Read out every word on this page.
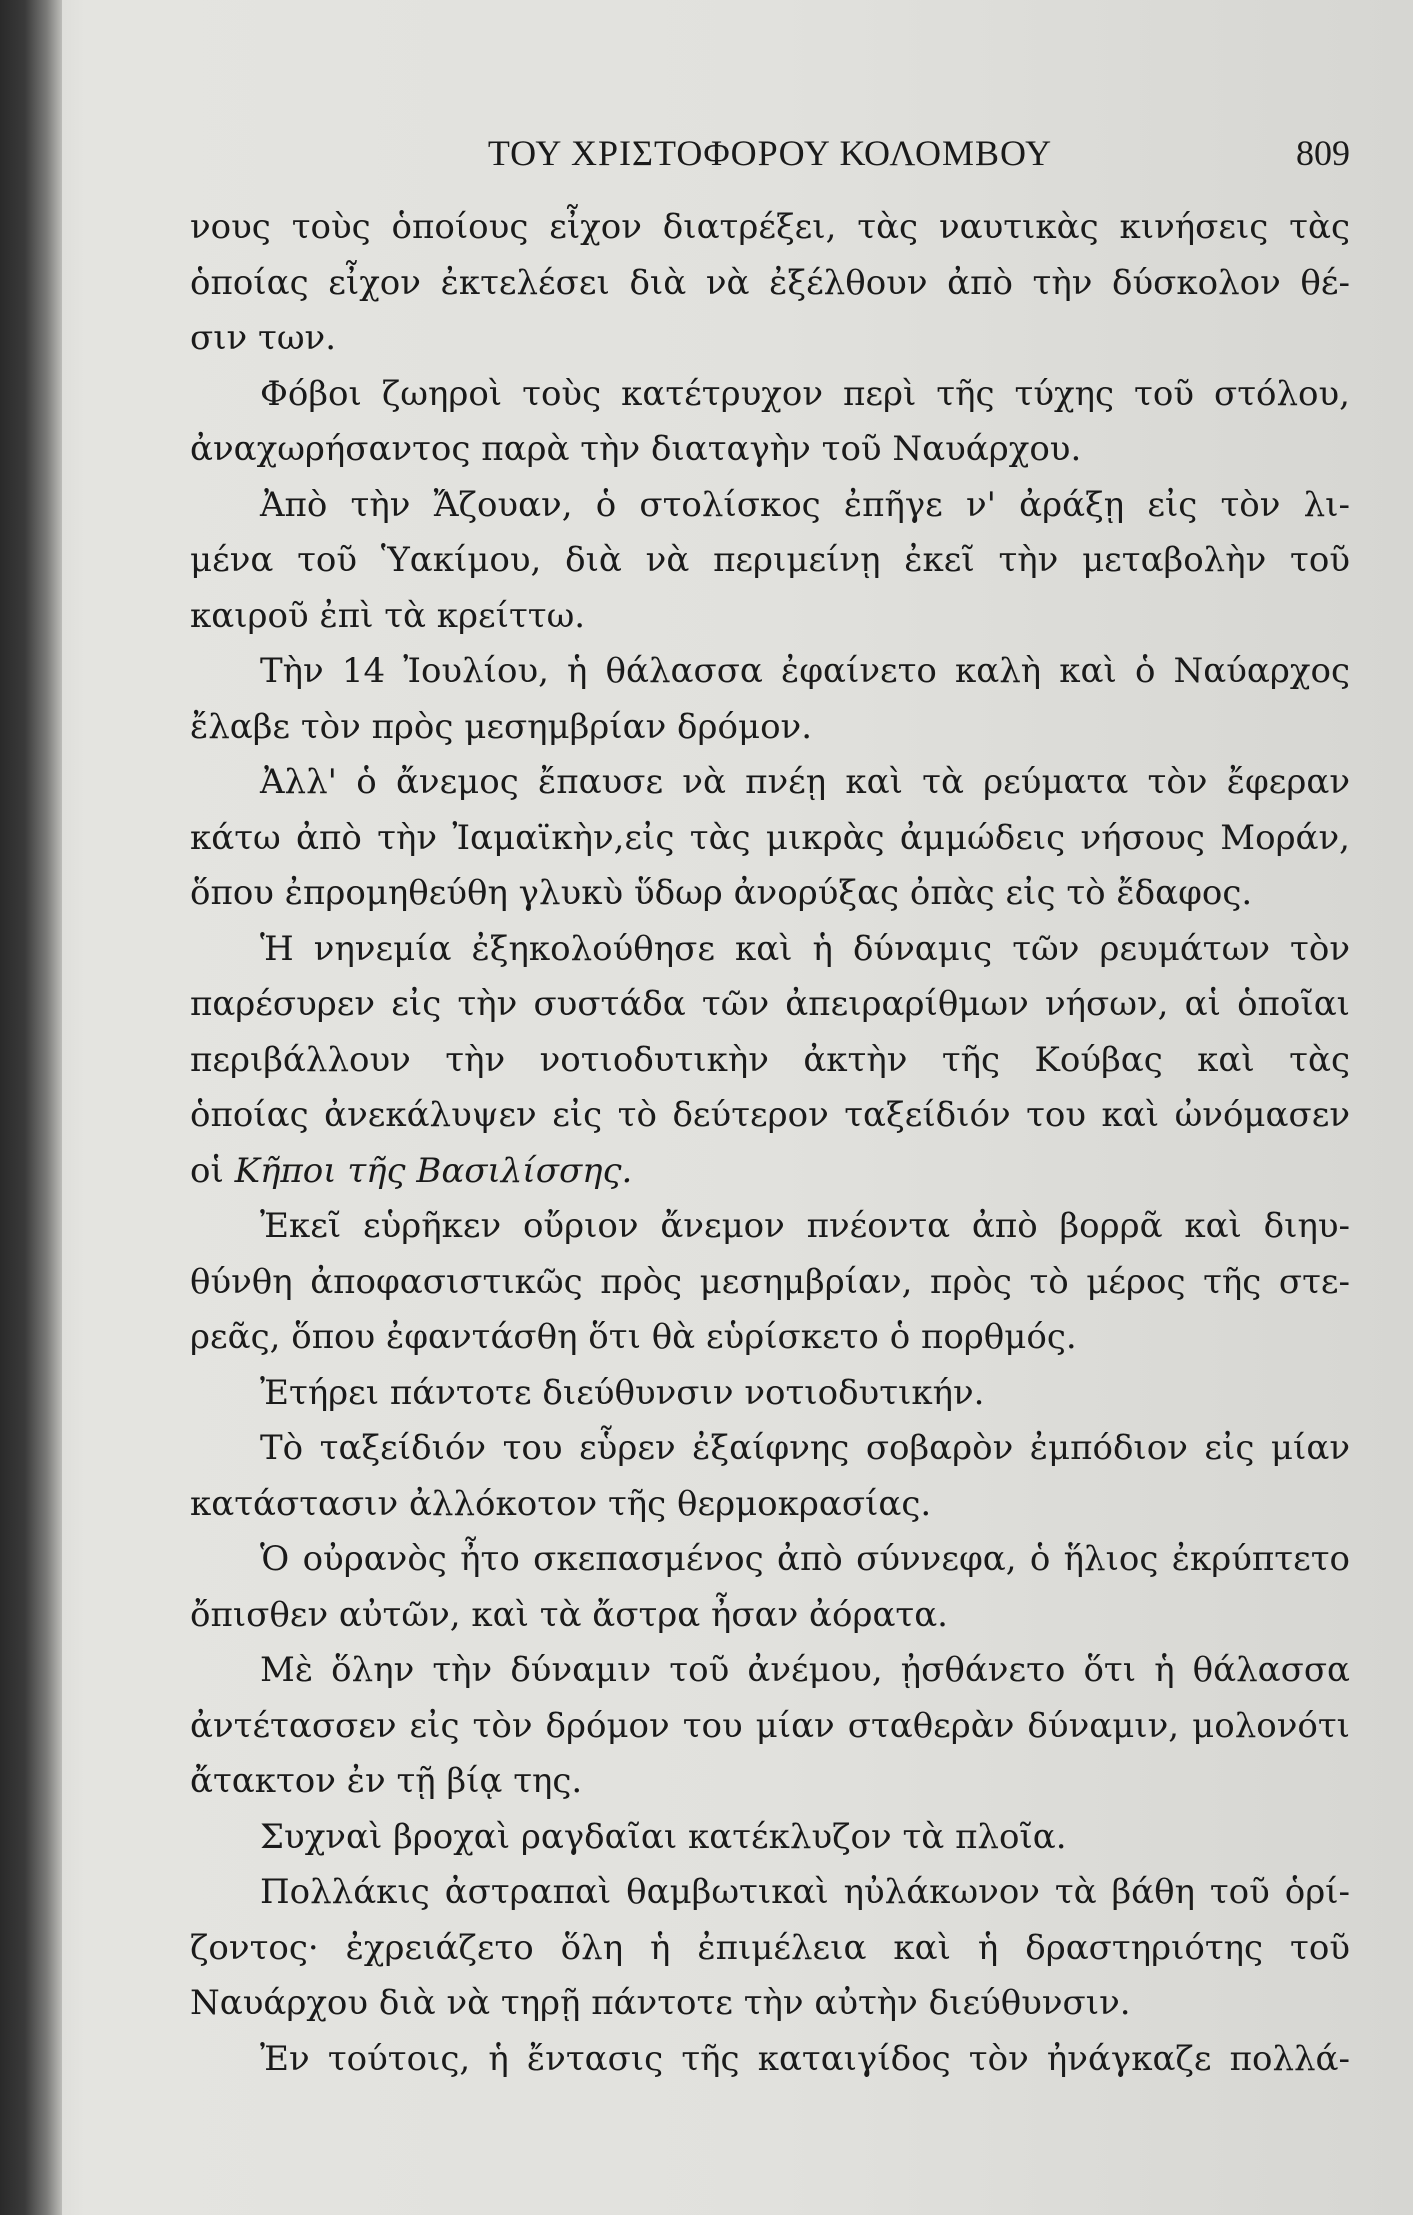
ΤΟΥ ΧΡΙΣΤΟΦΟΡΟΥ ΚΟΛΟΜΒΟΥ	809
νους τοὺς ὁποίους εἶχον διατρέξει, τὰς ναυτικὰς κινήσεις τὰς
ὁποίας εἶχον ἐκτελέσει διὰ νὰ ἐξέλθουν ἀπὸ τὴν δύσκολον θέ-
σιν των.
Φόβοι ζωηροὶ τοὺς κατέτρυχον περὶ τῆς τύχης τοῦ στόλου,
ἀναχωρήσαντος παρὰ τὴν διαταγὴν τοῦ Ναυάρχου.
Ἀπὸ τὴν Ἄζουαν, ὁ στολίσκος ἐπῆγε ν' ἀράξῃ εἰς τὸν λι-
μένα τοῦ Ὑακίμου, διὰ νὰ περιμείνῃ ἐκεῖ τὴν μεταβολὴν τοῦ
καιροῦ ἐπὶ τὰ κρείττω.
Τὴν 14 Ἰουλίου, ἡ θάλασσα ἐφαίνετο καλὴ καὶ ὁ Ναύαρχος
ἔλαβε τὸν πρὸς μεσημβρίαν δρόμον.
Ἀλλ' ὁ ἄνεμος ἔπαυσε νὰ πνέῃ καὶ τὰ ρεύματα τὸν ἔφεραν
κάτω ἀπὸ τὴν Ἰαμαϊκὴν,εἰς τὰς μικρὰς ἀμμώδεις νήσους Μοράν,
ὅπου ἐπρομηθεύθη γλυκὺ ὕδωρ ἀνορύξας ὀπὰς εἰς τὸ ἔδαφος.
Ἡ νηνεμία ἐξηκολούθησε καὶ ἡ δύναμις τῶν ρευμάτων τὸν
παρέσυρεν εἰς τὴν συστάδα τῶν ἀπειραρίθμων νήσων, αἱ ὁποῖαι
περιβάλλουν τὴν νοτιοδυτικὴν ἀκτὴν τῆς Κούβας καὶ τὰς
ὁποίας ἀνεκάλυψεν εἰς τὸ δεύτερον ταξείδιόν του καὶ ὠνόμασεν
οἱ Κῆποι τῆς Βασιλίσσης.
Ἐκεῖ εὑρῆκεν οὔριον ἄνεμον πνέοντα ἀπὸ βορρᾶ καὶ διηυ-
θύνθη ἀποφασιστικῶς πρὸς μεσημβρίαν, πρὸς τὸ μέρος τῆς στε-
ρεᾶς, ὅπου ἐφαντάσθη ὅτι θὰ εὑρίσκετο ὁ πορθμός.
Ἐτήρει πάντοτε διεύθυνσιν νοτιοδυτικήν.
Τὸ ταξείδιόν του εὗρεν ἐξαίφνης σοβαρὸν ἐμπόδιον εἰς μίαν
κατάστασιν ἀλλόκοτον τῆς θερμοκρασίας.
Ὁ οὐρανὸς ἦτο σκεπασμένος ἀπὸ σύννεφα, ὁ ἥλιος ἐκρύπτετο
ὄπισθεν αὐτῶν, καὶ τὰ ἄστρα ἦσαν ἀόρατα.
Μὲ ὅλην τὴν δύναμιν τοῦ ἀνέμου, ᾐσθάνετο ὅτι ἡ θάλασσα
ἀντέτασσεν εἰς τὸν δρόμον του μίαν σταθερὰν δύναμιν, μολονότι
ἄτακτον ἐν τῇ βίᾳ της.
Συχναὶ βροχαὶ ραγδαῖαι κατέκλυζον τὰ πλοῖα.
Πολλάκις ἀστραπαὶ θαμβωτικαὶ ηὐλάκωνον τὰ βάθη τοῦ ὁρί-
ζοντος· ἐχρειάζετο ὅλη ἡ ἐπιμέλεια καὶ ἡ δραστηριότης τοῦ
Ναυάρχου διὰ νὰ τηρῇ πάντοτε τὴν αὐτὴν διεύθυνσιν.
Ἐν τούτοις, ἡ ἔντασις τῆς καταιγίδος τὸν ἠνάγκαζε πολλά-
